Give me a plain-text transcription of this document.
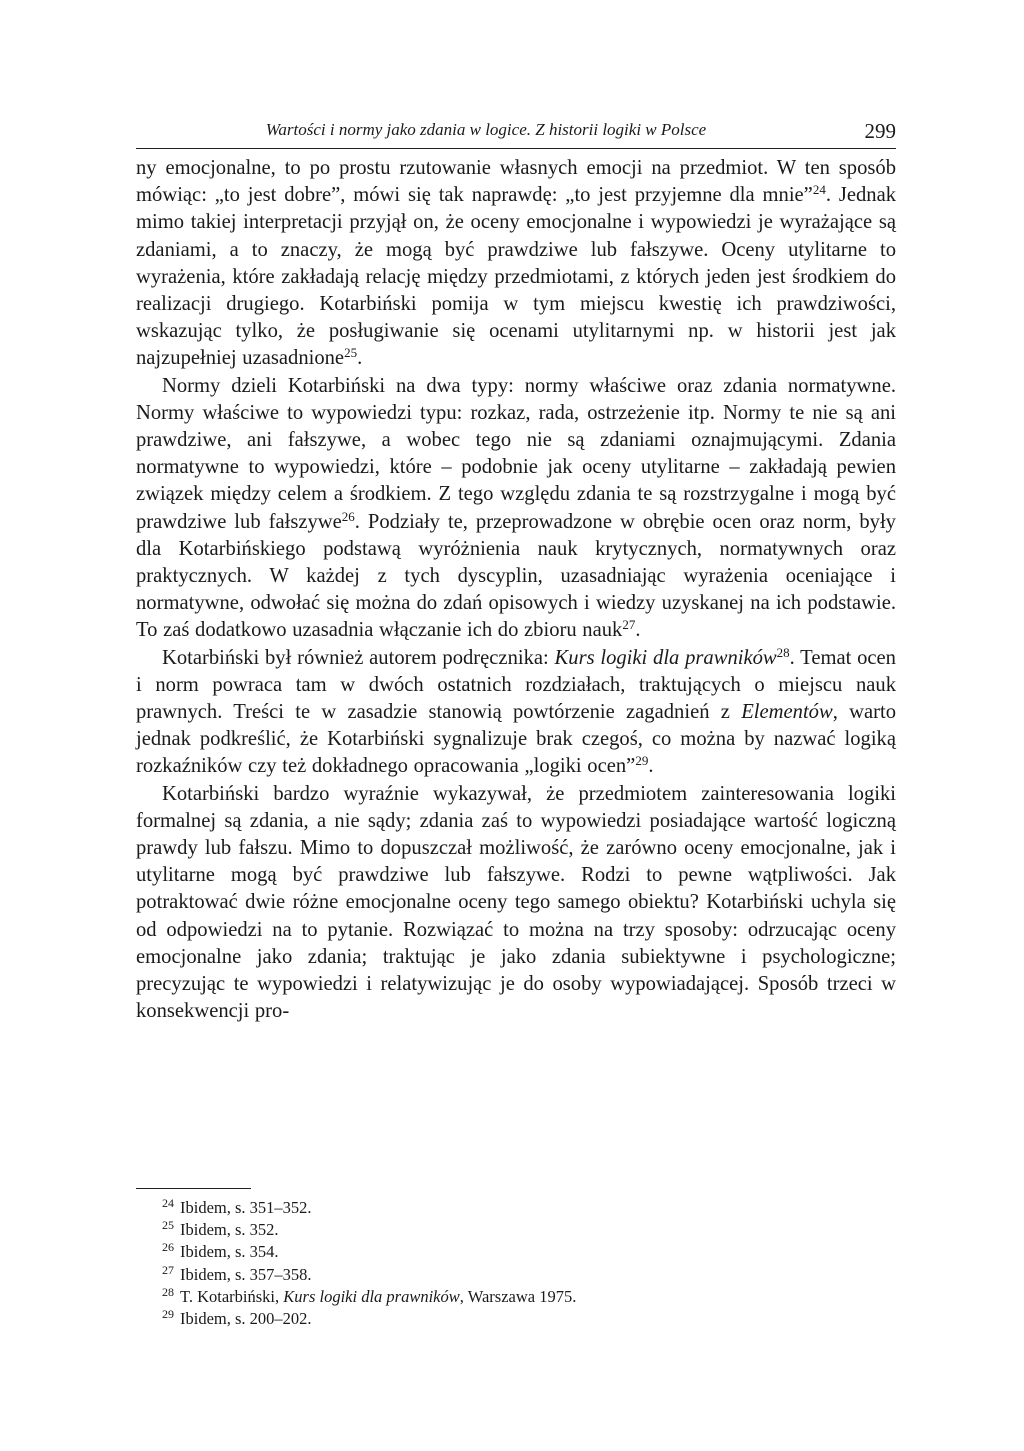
Wartości i normy jako zdania w logice. Z historii logiki w Polsce	299

ny emocjonalne, to po prostu rzutowanie własnych emocji na przedmiot. W ten sposób mówiąc: „to jest dobre”, mówi się tak naprawdę: „to jest przyjemne dla mnie”$^{24}$. Jednak mimo takiej interpretacji przyjął on, że oceny emocjonalne i wypowiedzi je wyrażające są zdaniami, a to znaczy, że mogą być prawdziwe lub fałszywe. Oceny utylitarne to wyrażenia, które zakładają relację między przedmiotami, z których jeden jest środkiem do realizacji drugiego. Kotarbiński pomija w tym miejscu kwestię ich prawdziwości, wskazując tylko, że posługiwanie się ocenami utylitarnymi np. w historii jest jak najzupełniej uzasadnione$^{25}$.

Normy dzieli Kotarbiński na dwa typy: normy właściwe oraz zdania normatywne. Normy właściwe to wypowiedzi typu: rozkaz, rada, ostrzeżenie itp. Normy te nie są ani prawdziwe, ani fałszywe, a wobec tego nie są zdaniami oznajmującymi. Zdania normatywne to wypowiedzi, które – podobnie jak oceny utylitarne – zakładają pewien związek między celem a środkiem. Z tego względu zdania te są rozstrzygalne i mogą być prawdziwe lub fałszywe$^{26}$. Podziały te, przeprowadzone w obrębie ocen oraz norm, były dla Kotarbińskiego podstawą wyróżnienia nauk krytycznych, normatywnych oraz praktycznych. W każdej z tych dyscyplin, uzasadniając wyrażenia oceniające i normatywne, odwołać się można do zdań opisowych i wiedzy uzyskanej na ich podstawie. To zaś dodatkowo uzasadnia włączanie ich do zbioru nauk$^{27}$.

Kotarbiński był również autorem podręcznika: Kurs logiki dla prawników$^{28}$. Temat ocen i norm powraca tam w dwóch ostatnich rozdziałach, traktujących o miejscu nauk prawnych. Treści te w zasadzie stanowią powtórzenie zagadnień z Elementów, warto jednak podkreślić, że Kotarbiński sygnalizuje brak czegoś, co można by nazwać logiką rozkaźników czy też dokładnego opracowania „logiki ocen”$^{29}$.

Kotarbiński bardzo wyraźnie wykazywał, że przedmiotem zainteresowania logiki formalnej są zdania, a nie sądy; zdania zaś to wypowiedzi posiadające wartość logiczną prawdy lub fałszu. Mimo to dopuszczał możliwość, że zarówno oceny emocjonalne, jak i utylitarne mogą być prawdziwe lub fałszywe. Rodzi to pewne wątpliwości. Jak potraktować dwie różne emocjonalne oceny tego samego obiektu? Kotarbiński uchyla się od odpowiedzi na to pytanie. Rozwiązać to można na trzy sposoby: odrzucając oceny emocjonalne jako zdania; traktując je jako zdania subiektywne i psychologiczne; precyzując te wypowiedzi i relatywizując je do osoby wypowiadającej. Sposób trzeci w konsekwencji pro-

$^{24}$ Ibidem, s. 351–352.
$^{25}$ Ibidem, s. 352.
$^{26}$ Ibidem, s. 354.
$^{27}$ Ibidem, s. 357–358.
$^{28}$ T. Kotarbiński, Kurs logiki dla prawników, Warszawa 1975.
$^{29}$ Ibidem, s. 200–202.
